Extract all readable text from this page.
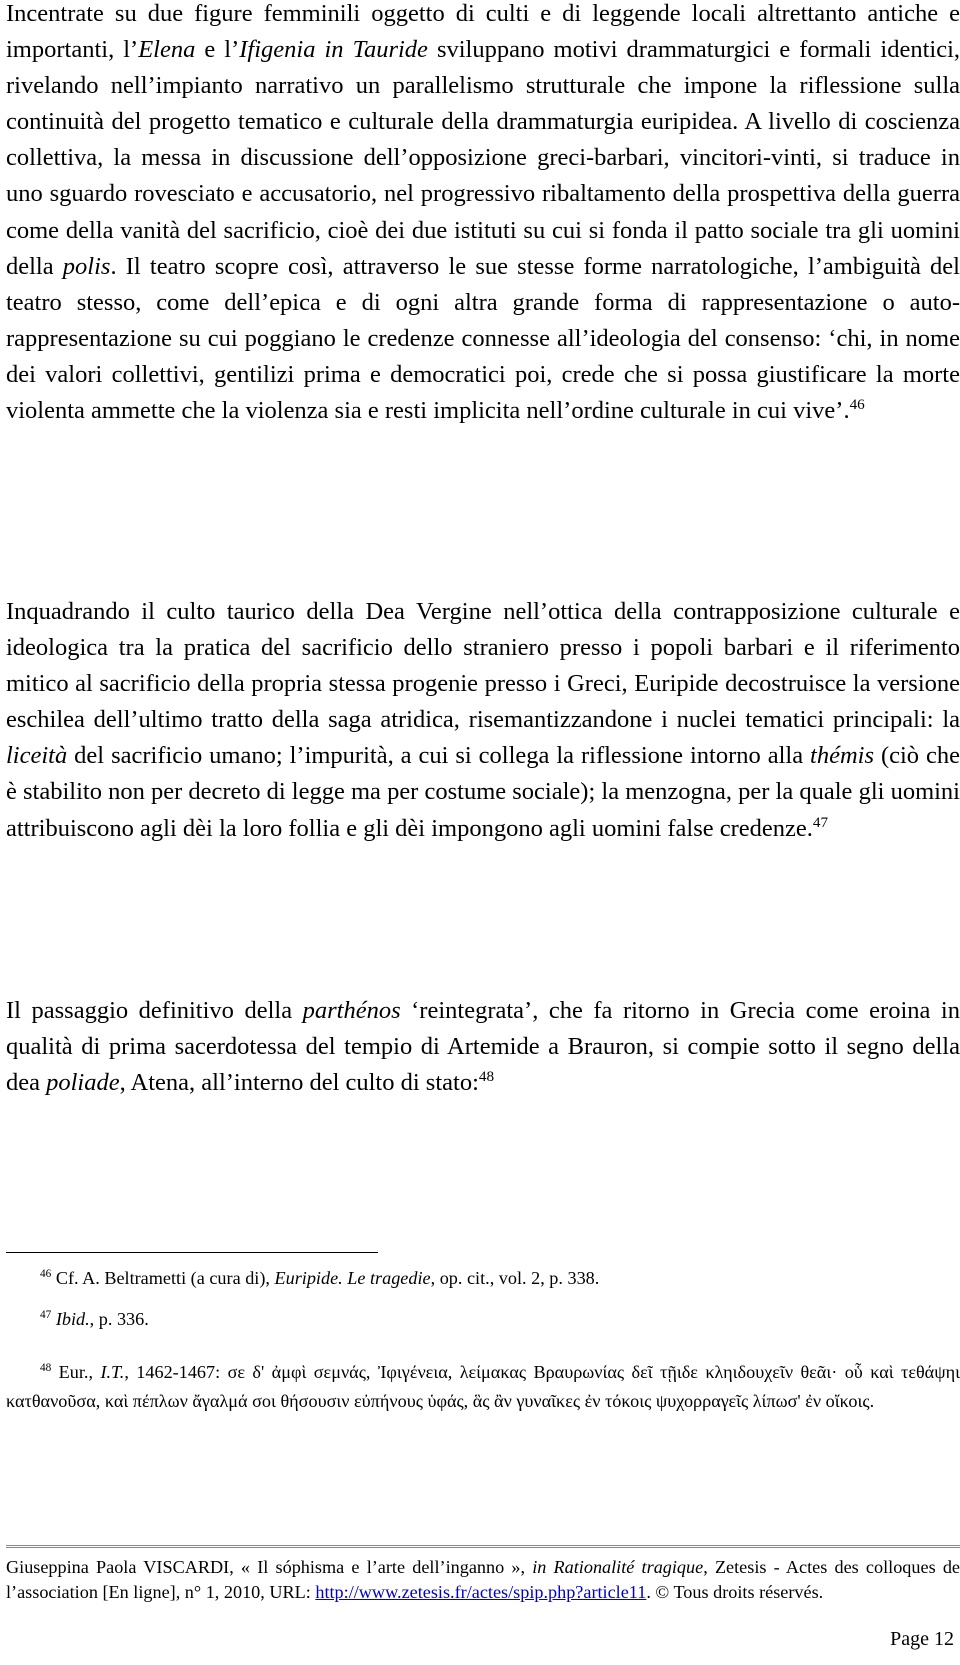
Incentrate su due figure femminili oggetto di culti e di leggende locali altrettanto antiche e importanti, l’Elena e l’Ifigenia in Tauride sviluppano motivi drammaturgici e formali identici, rivelando nell’impianto narrativo un parallelismo strutturale che impone la riflessione sulla continuità del progetto tematico e culturale della drammaturgia euripidea. A livello di coscienza collettiva, la messa in discussione dell’opposizione greci-barbari, vincitori-vinti, si traduce in uno sguardo rovesciato e accusatorio, nel progressivo ribaltamento della prospettiva della guerra come della vanità del sacrificio, cioè dei due istituti su cui si fonda il patto sociale tra gli uomini della polis. Il teatro scopre così, attraverso le sue stesse forme narratologiche, l’ambiguità del teatro stesso, come dell’epica e di ogni altra grande forma di rappresentazione o auto-rappresentazione su cui poggiano le credenze connesse all’ideologia del consenso: ‘chi, in nome dei valori collettivi, gentilizi prima e democratici poi, crede che si possa giustificare la morte violenta ammette che la violenza sia e resti implicita nell’ordine culturale in cui vive’.$^{46}$

Inquadrando il culto taurico della Dea Vergine nell’ottica della contrapposizione culturale e ideologica tra la pratica del sacrificio dello straniero presso i popoli barbari e il riferimento mitico al sacrificio della propria stessa progenie presso i Greci, Euripide decostruisce la versione eschilea dell’ultimo tratto della saga atridica, risemantizzandone i nuclei tematici principali: la liceità del sacrificio umano; l’impurità, a cui si collega la riflessione intorno alla thémis (ciò che è stabilito non per decreto di legge ma per costume sociale); la menzogna, per la quale gli uomini attribuiscono agli dèi la loro follia e gli dèi impongono agli uomini false credenze.$^{47}$

Il passaggio definitivo della parthénos ‘reintegrata’, che fa ritorno in Grecia come eroina in qualità di prima sacerdotessa del tempio di Artemide a Brauron, si compie sotto il segno della dea poliade, Atena, all’interno del culto di stato:$^{48}$

$^{46}$ Cf. A. Beltrametti (a cura di), Euripide. Le tragedie, op. cit., vol. 2, p. 338.

$^{47}$ Ibid., p. 336.

$^{48}$ Eur., I.T., 1462-1467: σε δ' ἀμφὶ σεμνάς, Ἰφιγένεια, λείμακας Βραυρωνίας δεῖ τῇιδε κληιδουχεῖν θεᾶι· οὗ καὶ τεθάψηι κατθανοῦσα, καὶ πέπλων ἄγαλμά σοι θήσουσιν εὐπήνους ὑφάς, ἃς ἂν γυναῖκες ἐν τόκοις ψυχορραγεῖς λίπωσ' ἐν οἴκοις.

Giuseppina Paola VISCARDI, « Il sóphisma e l’arte dell’inganno », in Rationalité tragique, Zetesis - Actes des colloques de l’association [En ligne], n° 1, 2010, URL: http://www.zetesis.fr/actes/spip.php?article11. © Tous droits réservés.

Page 12
